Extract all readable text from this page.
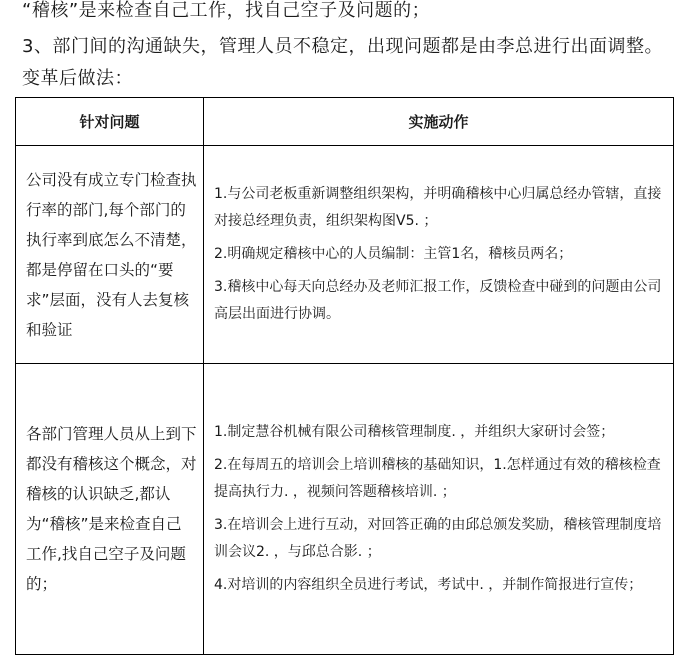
“稽核”是来检查自己工作，找自己空子及问题的；
3、部门间的沟通缺失，管理人员不稳定，出现问题都是由李总进行出面调整。
变革后做法：
针对问题	实施动作
公司没有成立专门检查执行率的部门,每个部门的执行率到底怎么不清楚，都是停留在口头的“要求”层面，没有人去复核和验证	1.与公司老板重新调整组织架构，并明确稽核中心归属总经办管辖，直接对接总经理负责，组织架构图V5. ；
2.明确规定稽核中心的人员编制：主管1名，稽核员两名；
3.稽核中心每天向总经办及老师汇报工作，反馈检查中碰到的问题由公司高层出面进行协调。

各部门管理人员从上到下都没有稽核这个概念，对稽核的认识缺乏,都认为“稽核”是来检查自己工作,找自己空子及问题的；	1.制定慧谷机械有限公司稽核管理制度. ，并组织大家研讨会签；
2.在每周五的培训会上培训稽核的基础知识，1.怎样通过有效的稽核检查提高执行力. ，视频问答题稽核培训. ；
3.在培训会上进行互动，对回答正确的由邱总颁发奖励，稽核管理制度培训会议2. ，与邱总合影. ；
4.对培训的内容组织全员进行考试，考试中. ，并制作简报进行宣传；
